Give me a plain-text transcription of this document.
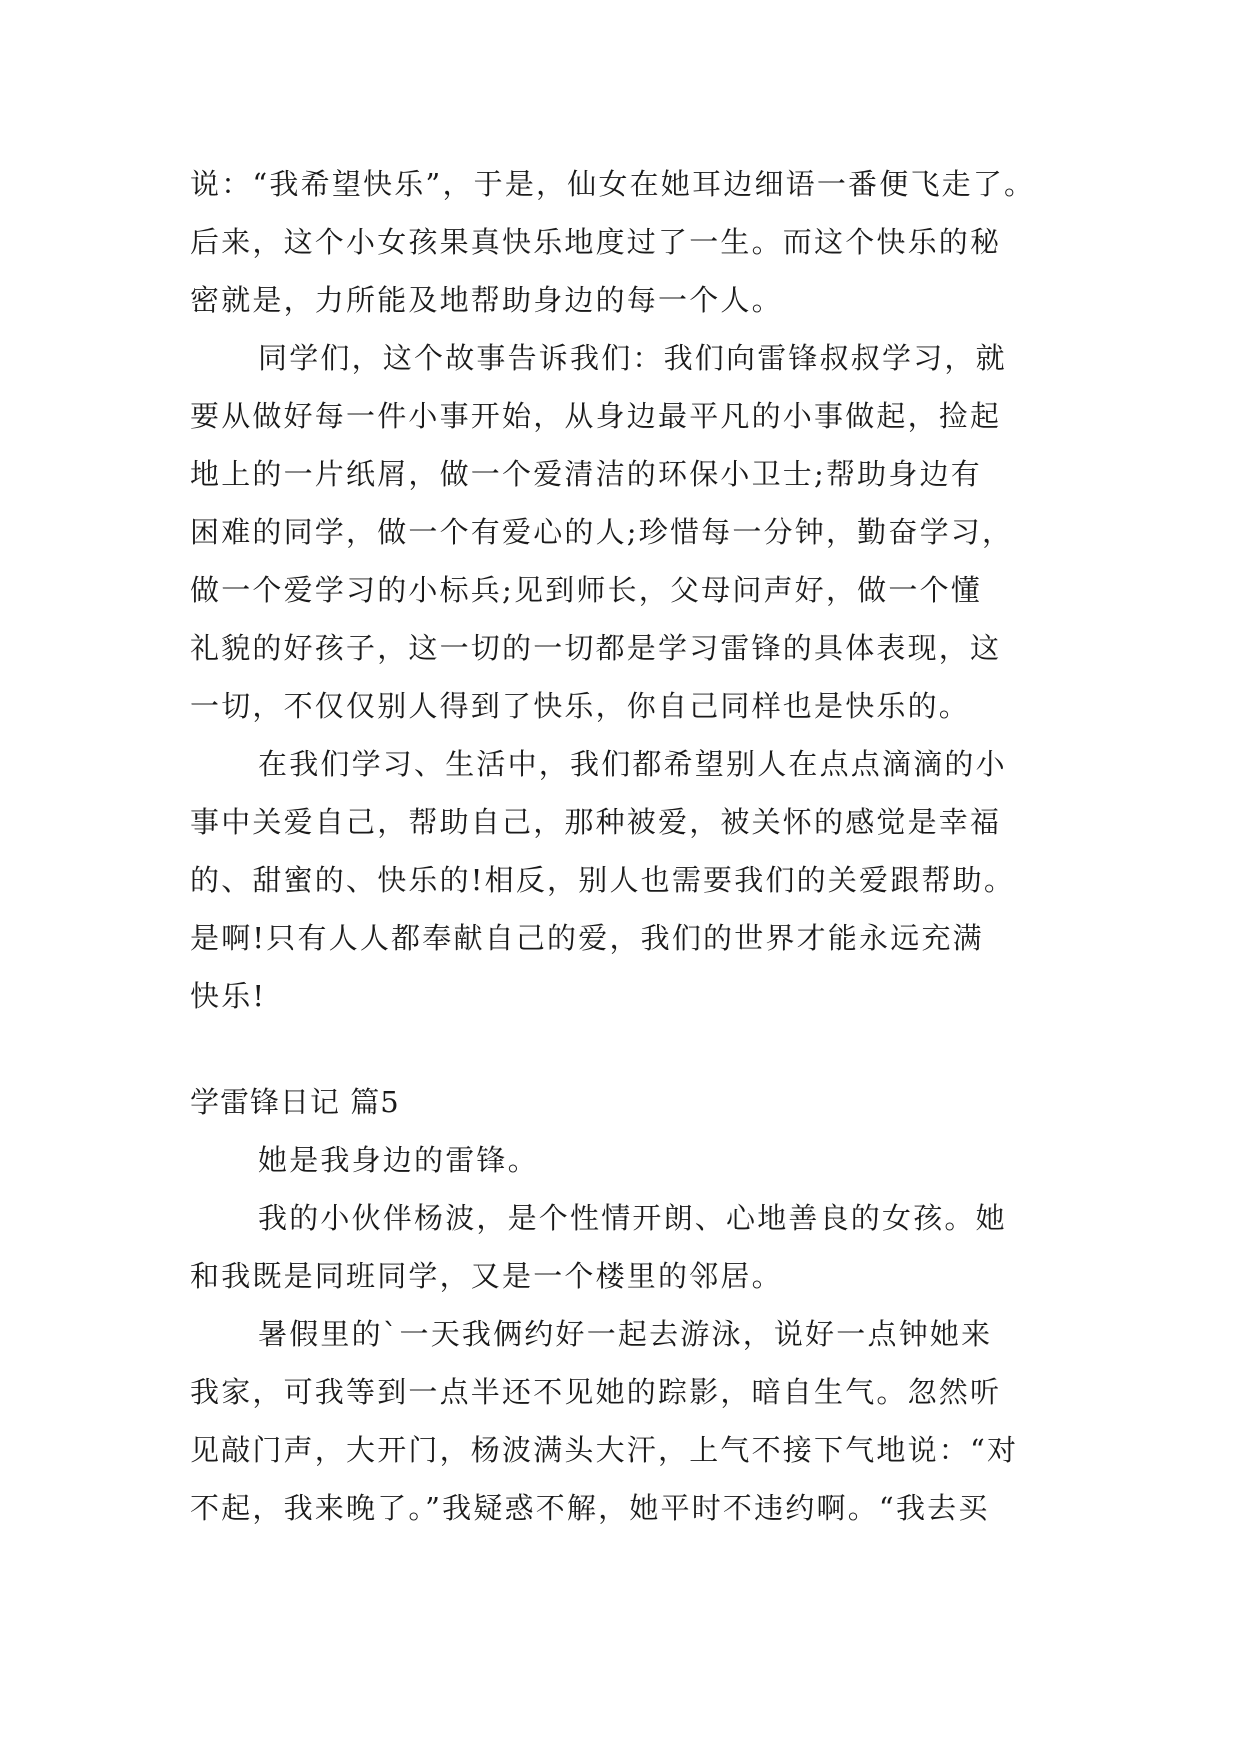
说：“我希望快乐”，于是，仙女在她耳边细语一番便飞走了。
后来，这个小女孩果真快乐地度过了一生。而这个快乐的秘
密就是，力所能及地帮助身边的每一个人。
同学们，这个故事告诉我们：我们向雷锋叔叔学习，就
要从做好每一件小事开始，从身边最平凡的小事做起，捡起
地上的一片纸屑，做一个爱清洁的环保小卫士;帮助身边有
困难的同学，做一个有爱心的人;珍惜每一分钟，勤奋学习，
做一个爱学习的小标兵;见到师长，父母问声好，做一个懂
礼貌的好孩子，这一切的一切都是学习雷锋的具体表现，这
一切，不仅仅别人得到了快乐，你自己同样也是快乐的。
在我们学习、生活中，我们都希望别人在点点滴滴的小
事中关爱自己，帮助自己，那种被爱，被关怀的感觉是幸福
的、甜蜜的、快乐的!相反，别人也需要我们的关爱跟帮助。
是啊!只有人人都奉献自己的爱，我们的世界才能永远充满
快乐!
学雷锋日记 篇5
她是我身边的雷锋。
我的小伙伴杨波，是个性情开朗、心地善良的女孩。她
和我既是同班同学，又是一个楼里的邻居。
暑假里的`一天我俩约好一起去游泳，说好一点钟她来
我家，可我等到一点半还不见她的踪影，暗自生气。忽然听
见敲门声，大开门，杨波满头大汗，上气不接下气地说：“对
不起，我来晚了。”我疑惑不解，她平时不违约啊。“我去买
